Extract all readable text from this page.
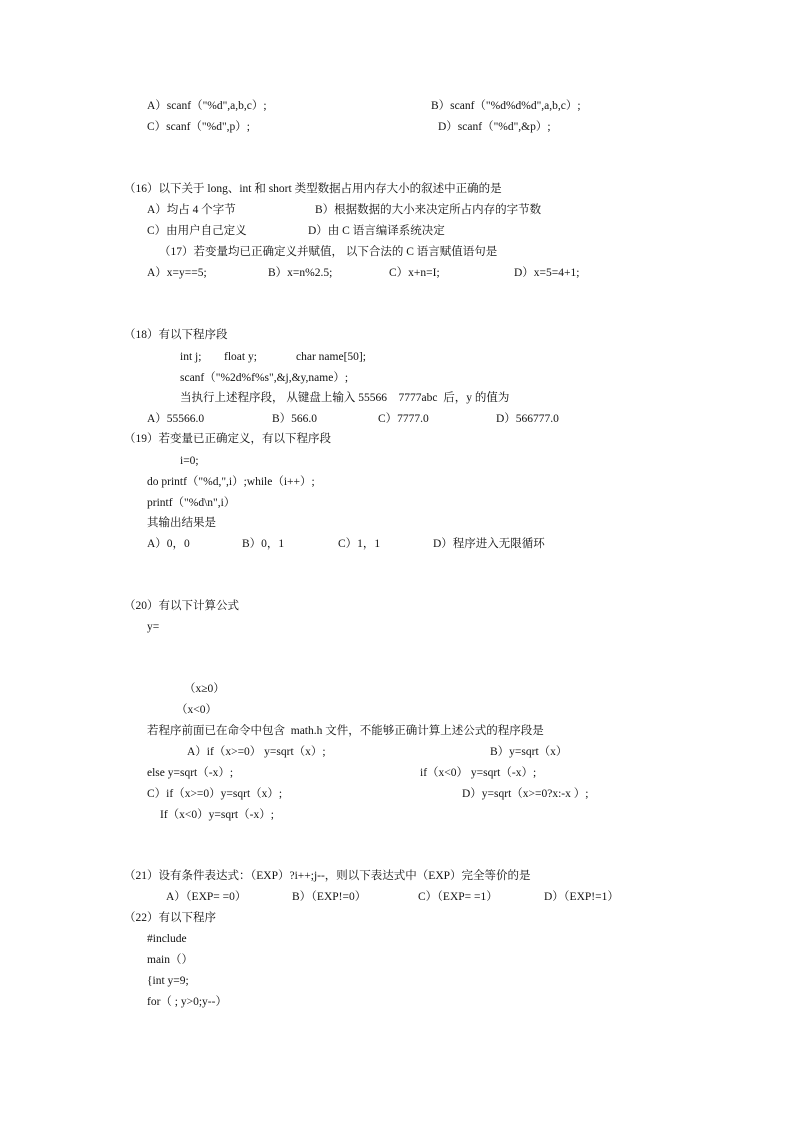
A）scanf（"%d",a,b,c）;	B）scanf（"%d%d%d",a,b,c）;
C）scanf（"%d",p）;	D）scanf（"%d",&p）;
（16）以下关于 long、int 和 short 类型数据占用内存大小的叙述中正确的是
A）均占 4 个字节	B）根据数据的大小来决定所占内存的字节数
C）由用户自己定义	D）由 C 语言编译系统决定
（17）若变量均已正确定义并赋值， 以下合法的 C 语言赋值语句是
A）x=y==5;	B）x=n%2.5;	C）x+n=I;	D）x=5=4+1;
（18）有以下程序段
int j; float y;	char name[50];
scanf（"%2d%f%s",&j,&y,name）;
当执行上述程序段， 从键盘上输入 55566    7777abc  后，y 的值为
A）55566.0	B）566.0	C）7777.0	D）566777.0
（19）若变量已正确定义，有以下程序段
i=0;
do printf（"%d,",i）;while（i++）;
printf（"%d\n",i）
其输出结果是
A）0，0	B）0，1	C）1，1	D）程序进入无限循环
（20）有以下计算公式
y=
（x≥0）
（x<0）
若程序前面已在命令中包含  math.h 文件，不能够正确计算上述公式的程序段是
A）if（x>=0） y=sqrt（x）;	B）y=sqrt（x）
else y=sqrt（-x）;	if（x<0） y=sqrt（-x）;
C）if（x>=0）y=sqrt（x）;	D）y=sqrt（x>=0?x:-x ）;
If（x<0）y=sqrt（-x）;
（21）设有条件表达式：（EXP）?i++;j--，则以下表达式中（EXP）完全等价的是
A）（EXP= =0）	B）（EXP!=0）	C）（EXP= =1）	D）（EXP!=1）
（22）有以下程序
#include
main（）
{int y=9;
for（ ; y>0;y--）
